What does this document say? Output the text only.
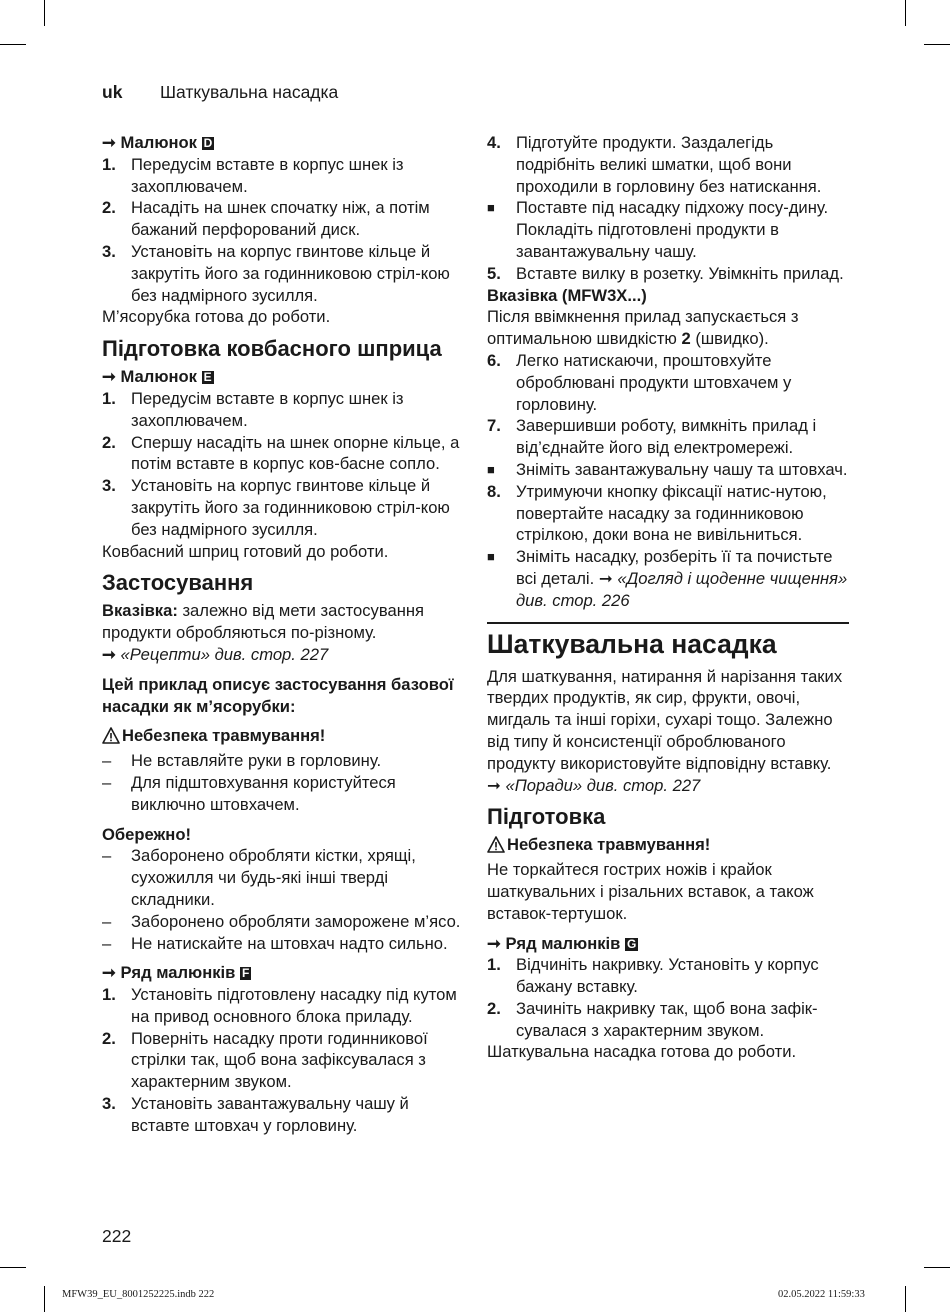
uk Шаткувальна насадка

➞ Малюнок D

1. Передусім вставте в корпус шнек із захоплювачем.
2. Насадіть на шнек спочатку ніж, а потім бажаний перфорований диск.
3. Установіть на корпус гвинтове кільце й закрутіть його за годинниковою стріл-кою без надмірного зусилля.

М’ясорубка готова до роботи.

Підготовка ковбасного шприца

➞ Малюнок E

1. Передусім вставте в корпус шнек із захоплювачем.
2. Спершу насадіть на шнек опорне кільце, а потім вставте в корпус ков-басне сопло.
3. Установіть на корпус гвинтове кільце й закрутіть його за годинниковою стріл-кою без надмірного зусилля.

Ковбасний шприц готовий до роботи.

Застосування

Вказівка: залежно від мети застосування продукти обробляються по-різному.

➞ «Рецепти» див. стор. 227

Цей приклад описує застосування базової насадки як м’ясорубки:

Небезпека травмування!

– Не вставляйте руки в горловину.
– Для підштовхування користуйтеся виключно штовхачем.

Обережно!

– Заборонено обробляти кістки, хрящі, сухожилля чи будь-які інші тверді складники.
– Заборонено обробляти заморожене м’ясо.
– Не натискайте на штовхач надто сильно.

➞ Ряд малюнків F

1. Установіть підготовлену насадку під кутом на привод основного блока приладу.
2. Поверніть насадку проти годинникової стрілки так, щоб вона зафіксувалася з характерним звуком.
3. Установіть завантажувальну чашу й вставте штовхач у горловину.
4. Підготуйте продукти. Заздалегідь подрібніть великі шматки, щоб вони проходили в горловину без натискання.
■ Поставте під насадку підхожу посу-дину. Покладіть підготовлені продукти в завантажувальну чашу.
5. Вставте вилку в розетку. Увімкніть прилад.

Вказівка (MFW3X...)

Після ввімкнення прилад запускається з оптимальною швидкістю 2 (швидко).

6. Легко натискаючи, проштовхуйте оброблювані продукти штовхачем у горловину.
7. Завершивши роботу, вимкніть прилад і від’єднайте його від електромережі.
■ Зніміть завантажувальну чашу та штовхач.
8. Утримуючи кнопку фіксації натис-нутою, повертайте насадку за годинниковою стрілкою, доки вона не вивільниться.
■ Зніміть насадку, розберіть її та почистьте всі деталі. ➞ «Догляд і щоденне чищення» див. стор. 226
Шаткувальна насадка

Для шаткування, натирання й нарізання таких твердих продуктів, як сир, фрукти, овочі, мигдаль та інші горіхи, сухарі тощо. Залежно від типу й консистенції оброблюваного продукту використовуйте відповідну вставку. ➞ «Поради» див. стор. 227

Підготовка

Небезпека травмування!

Не торкайтеся гострих ножів і крайок шаткувальних і різальних вставок, а також вставок-тертушок.

➞ Ряд малюнків G

1. Відчиніть накривку. Установіть у корпус бажану вставку.
2. Зачиніть накривку так, щоб вона зафік-сувалася з характерним звуком.

Шаткувальна насадка готова до роботи.

222
MFW39_EU_8001252225.indb 222	02.05.2022 11:59:33
